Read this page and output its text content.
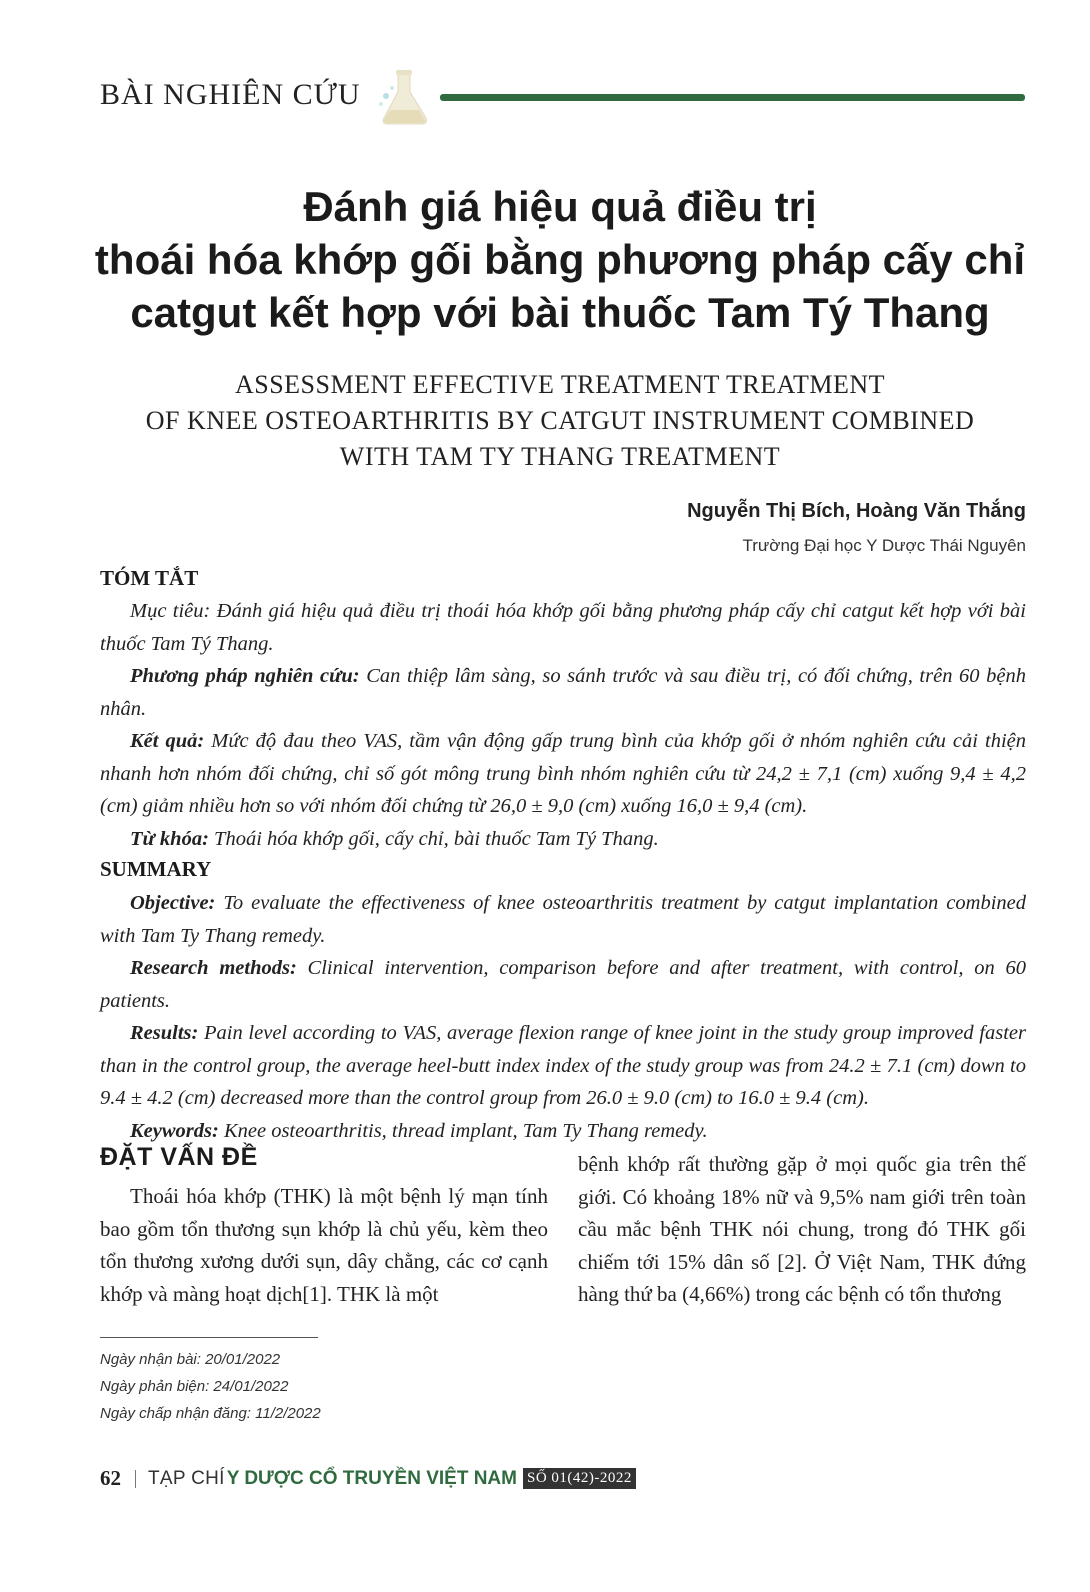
BÀI NGHIÊN CỨU
Đánh giá hiệu quả điều trị
thoái hóa khớp gối bằng phương pháp cấy chỉ
catgut kết hợp với bài thuốc Tam Tý Thang
ASSESSMENT EFFECTIVE TREATMENT TREATMENT
OF KNEE OSTEOARTHRITIS BY CATGUT INSTRUMENT COMBINED
WITH TAM TY THANG TREATMENT
Nguyễn Thị Bích, Hoàng Văn Thắng
Trường Đại học Y Dược Thái Nguyên
TÓM TẮT
Mục tiêu: Đánh giá hiệu quả điều trị thoái hóa khớp gối bằng phương pháp cấy chỉ catgut kết hợp với bài thuốc Tam Tý Thang.
Phương pháp nghiên cứu: Can thiệp lâm sàng, so sánh trước và sau điều trị, có đối chứng, trên 60 bệnh nhân.
Kết quả: Mức độ đau theo VAS, tầm vận động gấp trung bình của khớp gối ở nhóm nghiên cứu cải thiện nhanh hơn nhóm đối chứng, chỉ số gót mông trung bình nhóm nghiên cứu từ 24,2 ± 7,1 (cm) xuống 9,4 ± 4,2 (cm) giảm nhiều hơn so với nhóm đối chứng từ 26,0 ± 9,0 (cm) xuống 16,0 ± 9,4 (cm).
Từ khóa: Thoái hóa khớp gối, cấy chỉ, bài thuốc Tam Tý Thang.
SUMMARY
Objective: To evaluate the effectiveness of knee osteoarthritis treatment by catgut implantation combined with Tam Ty Thang remedy.
Research methods: Clinical intervention, comparison before and after treatment, with control, on 60 patients.
Results: Pain level according to VAS, average flexion range of knee joint in the study group improved faster than in the control group, the average heel-butt index index of the study group was from 24.2 ± 7.1 (cm) down to 9.4 ± 4.2 (cm) decreased more than the control group from 26.0 ± 9.0 (cm) to 16.0 ± 9.4 (cm).
Keywords: Knee osteoarthritis, thread implant, Tam Ty Thang remedy.
ĐẶT VẤN ĐỀ
Thoái hóa khớp (THK) là một bệnh lý mạn tính bao gồm tổn thương sụn khớp là chủ yếu, kèm theo tổn thương xương dưới sụn, dây chằng, các cơ cạnh khớp và màng hoạt dịch[1]. THK là một
bệnh khớp rất thường gặp ở mọi quốc gia trên thế giới. Có khoảng 18% nữ và 9,5% nam giới trên toàn cầu mắc bệnh THK nói chung, trong đó THK gối chiếm tới 15% dân số [2]. Ở Việt Nam, THK đứng hàng thứ ba (4,66%) trong các bệnh có tổn thương
Ngày nhận bài: 20/01/2022
Ngày phản biện: 24/01/2022
Ngày chấp nhận đăng: 11/2/2022
62 TẠP CHÍ Y DƯỢC CỔ TRUYỀN VIỆT NAM SỐ 01(42)-2022
